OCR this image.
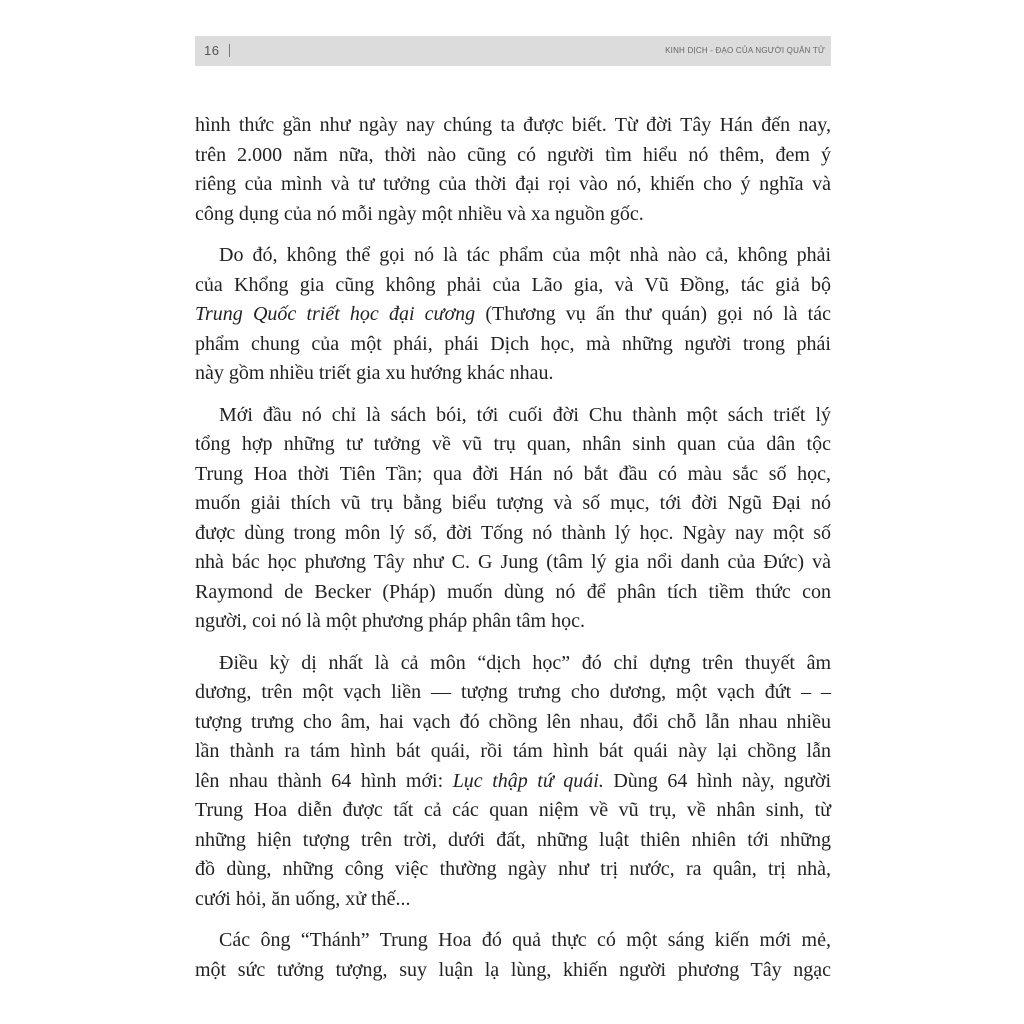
16	KINH DỊCH - ĐẠO CỦA NGƯỜI QUÂN TỬ
hình thức gần như ngày nay chúng ta được biết. Từ đời Tây Hán đến nay,
trên 2.000 năm nữa, thời nào cũng có người tìm hiểu nó thêm, đem ý
riêng của mình và tư tưởng của thời đại rọi vào nó, khiến cho ý nghĩa và
công dụng của nó mỗi ngày một nhiều và xa nguồn gốc.
Do đó, không thể gọi nó là tác phẩm của một nhà nào cả, không phải
của Khổng gia cũng không phải của Lão gia, và Vũ Đồng, tác giả bộ
Trung Quốc triết học đại cương (Thương vụ ấn thư quán) gọi nó là tác
phẩm chung của một phái, phái Dịch học, mà những người trong phái
này gồm nhiều triết gia xu hướng khác nhau.
Mới đầu nó chỉ là sách bói, tới cuối đời Chu thành một sách triết lý
tổng hợp những tư tưởng về vũ trụ quan, nhân sinh quan của dân tộc
Trung Hoa thời Tiên Tần; qua đời Hán nó bắt đầu có màu sắc số học,
muốn giải thích vũ trụ bằng biểu tượng và số mục, tới đời Ngũ Đại nó
được dùng trong môn lý số, đời Tống nó thành lý học. Ngày nay một số
nhà bác học phương Tây như C. G Jung (tâm lý gia nổi danh của Đức) và
Raymond de Becker (Pháp) muốn dùng nó để phân tích tiềm thức con
người, coi nó là một phương pháp phân tâm học.
Điều kỳ dị nhất là cả môn “dịch học” đó chỉ dựng trên thuyết âm
dương, trên một vạch liền — tượng trưng cho dương, một vạch đứt – –
tượng trưng cho âm, hai vạch đó chồng lên nhau, đổi chỗ lẫn nhau nhiều
lần thành ra tám hình bát quái, rồi tám hình bát quái này lại chồng lẫn
lên nhau thành 64 hình mới: Lục thập tứ quái. Dùng 64 hình này, người
Trung Hoa diễn được tất cả các quan niệm về vũ trụ, về nhân sinh, từ
những hiện tượng trên trời, dưới đất, những luật thiên nhiên tới những
đồ dùng, những công việc thường ngày như trị nước, ra quân, trị nhà,
cưới hỏi, ăn uống, xử thế...
Các ông “Thánh” Trung Hoa đó quả thực có một sáng kiến mới mẻ,
một sức tưởng tượng, suy luận lạ lùng, khiến người phương Tây ngạc
